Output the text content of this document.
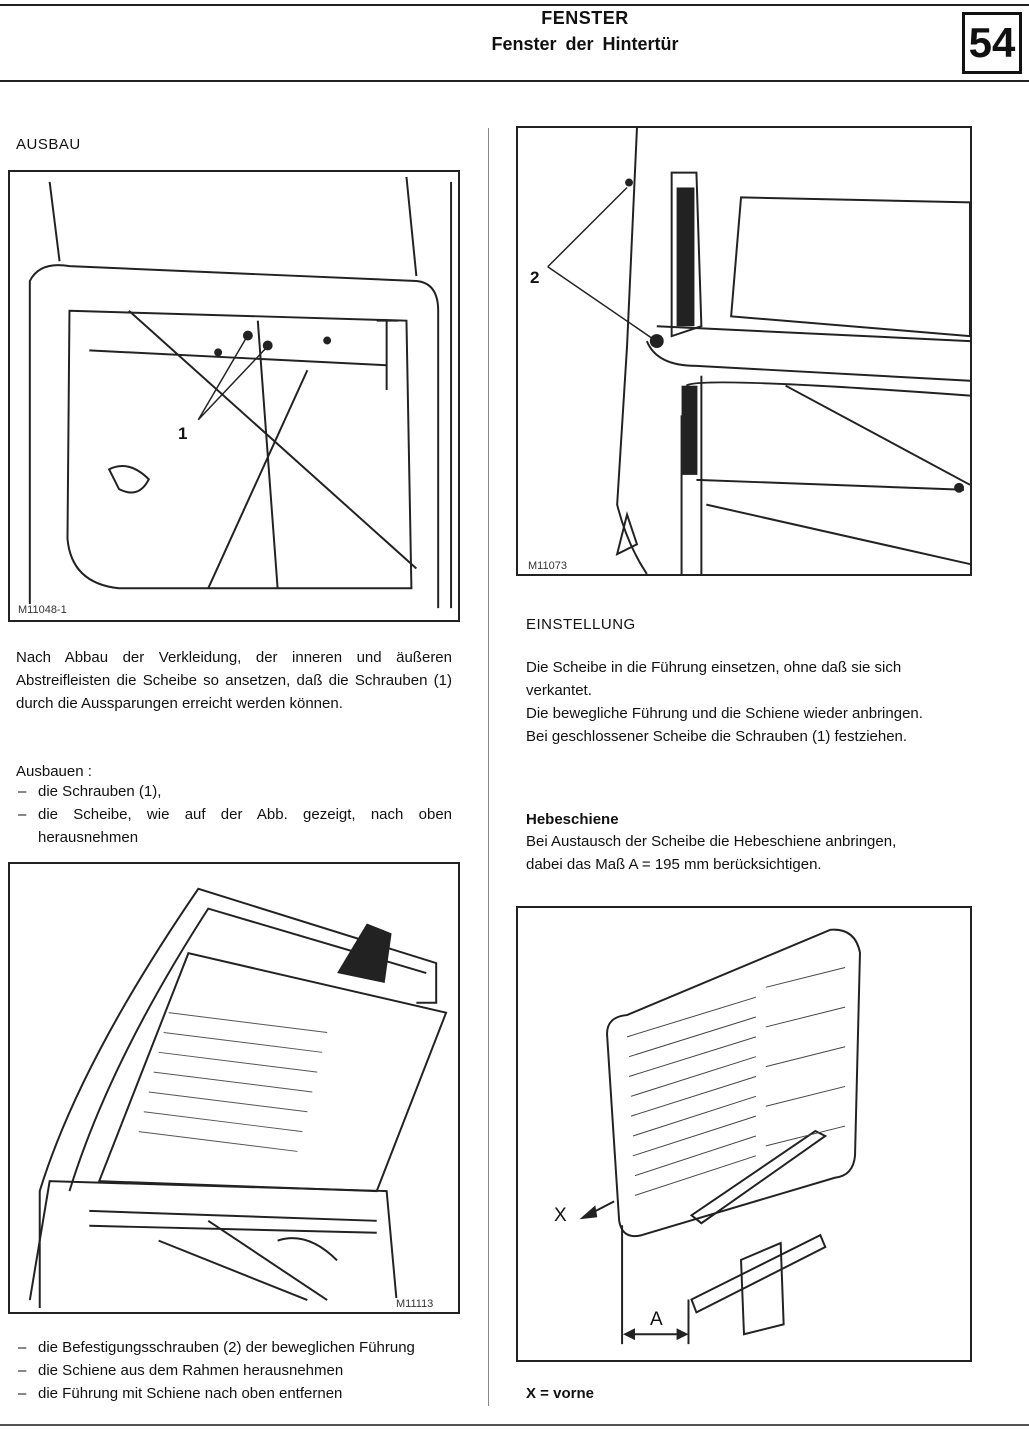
FENSTER
Fenster der Hintertür	54
AUSBAU
1
M11048-1

Nach Abbau der Verkleidung, der inneren und äußeren Abstreifleisten die Scheibe so ansetzen, daß die Schrauben (1) durch die Aussparungen erreicht werden können.

Ausbauen :
– die Schrauben (1),
– die Scheibe, wie auf der Abb. gezeigt, nach oben herausnehmen
M11113
– die Befestigungsschrauben (2) der beweglichen Führung
– die Schiene aus dem Rahmen herausnehmen
– die Führung mit Schiene nach oben entfernen
2
M11073
EINSTELLUNG
Die Scheibe in die Führung einsetzen, ohne daß sie sich verkantet.
Die bewegliche Führung und die Schiene wieder anbringen.
Bei geschlossener Scheibe die Schrauben (1) festziehen.
Hebeschiene

Bei Austausch der Scheibe die Hebeschiene anbringen, dabei das Maß A = 195 mm berücksichtigen.

X
A
X = vorne
